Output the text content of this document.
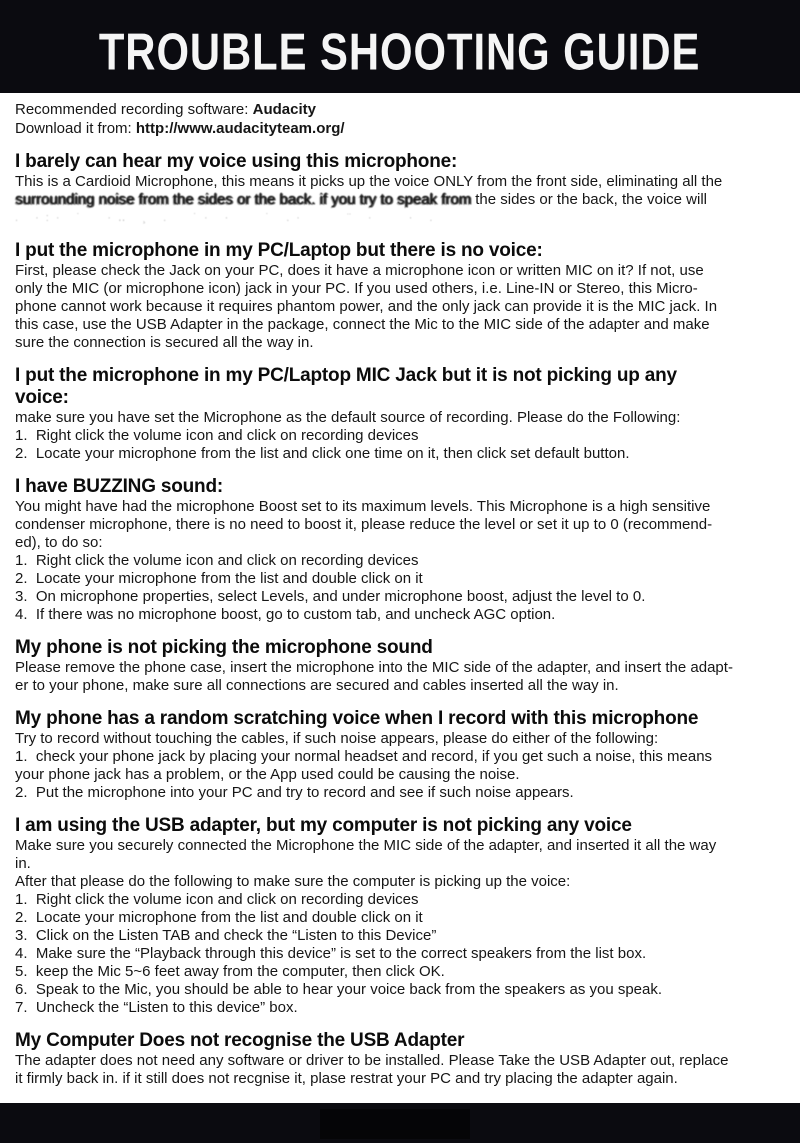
TROUBLE SHOOTING GUIDE
Recommended recording software: Audacity
Download it from: http://www.audacityteam.org/
I barely can hear my voice using this microphone:
This is a Cardioid Microphone, this means it picks up the voice ONLY from the front side, eliminating all the
surrounding noise from the sides or the back. if you try to speak from the sides or the back, the voice will
. ·:· ˙  ·‥ ¸ .  ˙· ·   ˙ .·    ¨ ·   · .
I put the microphone in my PC/Laptop but there is no voice:
First, please check the Jack on your PC, does it have a microphone icon or written MIC on it? If not, use
only the MIC (or microphone icon) jack in your PC. If you used others, i.e. Line-IN or Stereo, this Micro-
phone cannot work because it requires phantom power, and the only jack can provide it is the MIC jack. In
this case, use the USB Adapter in the package, connect the Mic to the MIC side of the adapter and make
sure the connection is secured all the way in.
I put the microphone in my PC/Laptop MIC Jack but it is not picking up any
voice:
make sure you have set the Microphone as the default source of recording. Please do the Following:
1.  Right click the volume icon and click on recording devices
2.  Locate your microphone from the list and click one time on it, then click set default button.
I have BUZZING sound:
You might have had the microphone Boost set to its maximum levels. This Microphone is a high sensitive
condenser microphone, there is no need to boost it, please reduce the level or set it up to 0 (recommend-
ed), to do so:
1.  Right click the volume icon and click on recording devices
2.  Locate your microphone from the list and double click on it
3.  On microphone properties, select Levels, and under microphone boost, adjust the level to 0.
4.  If there was no microphone boost, go to custom tab, and uncheck AGC option.
My phone is not picking the microphone sound
Please remove the phone case, insert the microphone into the MIC side of the adapter, and insert the adapt-
er to your phone, make sure all connections are secured and cables inserted all the way in.
My phone has a random scratching voice when I record with this microphone
Try to record without touching the cables, if such noise appears, please do either of the following:
1.  check your phone jack by placing your normal headset and record, if you get such a noise, this means
your phone jack has a problem, or the App used could be causing the noise.
2.  Put the microphone into your PC and try to record and see if such noise appears.
I am using the USB adapter, but my computer is not picking any voice
Make sure you securely connected the Microphone the MIC side of the adapter, and inserted it all the way
in.
After that please do the following to make sure the computer is picking up the voice:
1.  Right click the volume icon and click on recording devices
2.  Locate your microphone from the list and double click on it
3.  Click on the Listen TAB and check the “Listen to this Device”
4.  Make sure the “Playback through this device” is set to the correct speakers from the list box.
5.  keep the Mic 5~6 feet away from the computer, then click OK.
6.  Speak to the Mic, you should be able to hear your voice back from the speakers as you speak.
7.  Uncheck the “Listen to this device” box.
My Computer Does not recognise the USB Adapter
The adapter does not need any software or driver to be installed. Please Take the USB Adapter out, replace
it firmly back in. if it still does not recgnise it, plase restrat your PC and try placing the adapter again.
